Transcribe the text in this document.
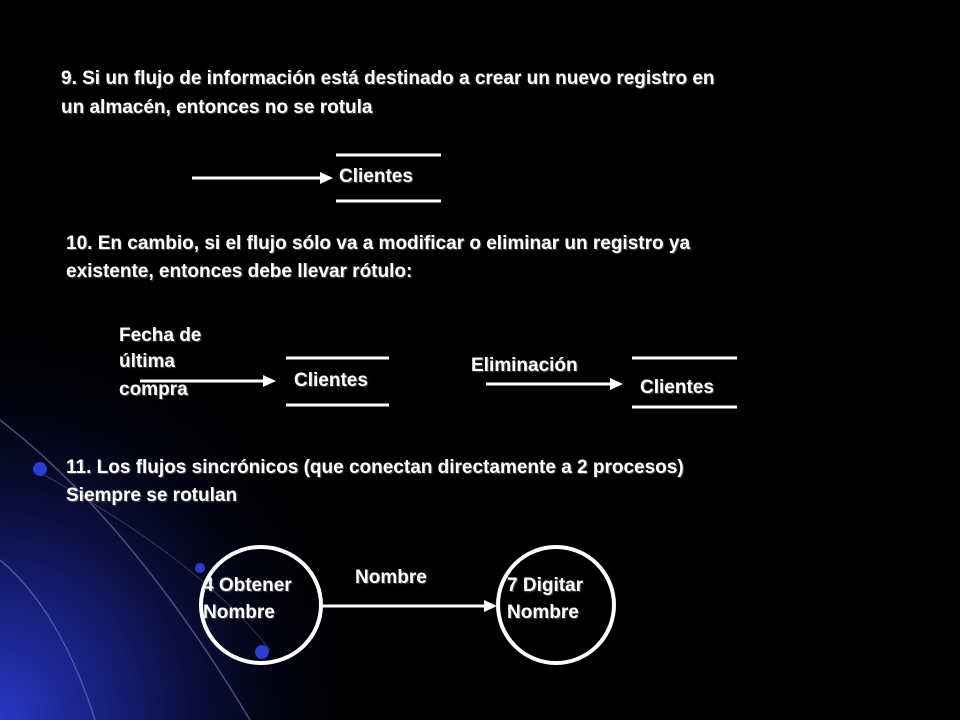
9. Si un flujo de información está destinado a crear un nuevo registro en
un almacén, entonces no se rotula
Clientes
10. En cambio, si el flujo sólo va a modificar o eliminar un registro ya
existente, entonces debe llevar rótulo:
Fecha de
última
compra	Clientes
Eliminación
Clientes
11. Los flujos sincrónicos (que conectan directamente a 2 procesos)
Siempre se rotulan
4 Obtener
Nombre
Nombre	7 Digitar
Nombre
